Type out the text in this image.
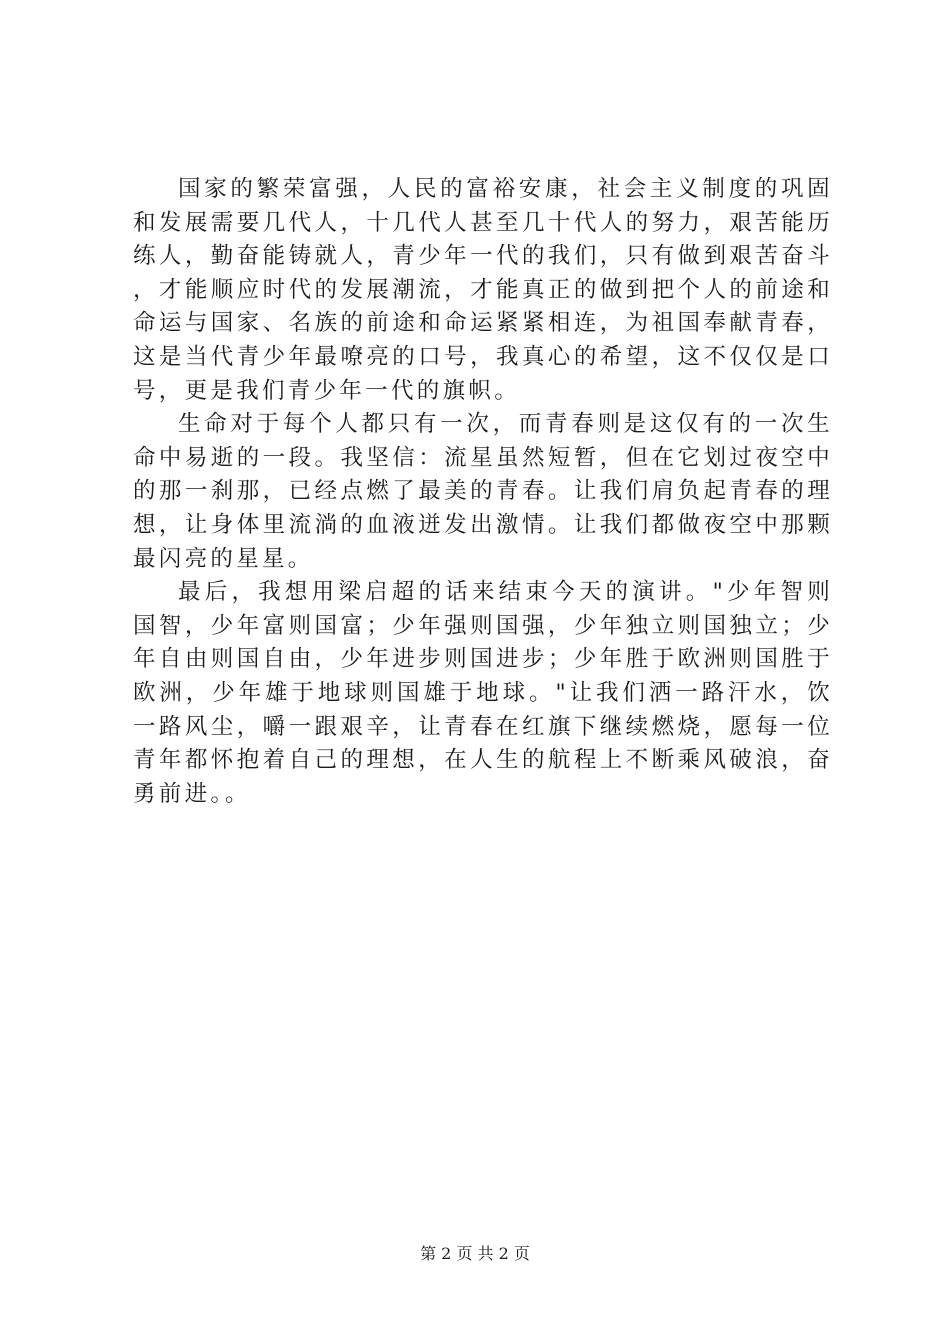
国家的繁荣富强，人民的富裕安康，社会主义制度的巩固和发展需要几代人，十几代人甚至几十代人的努力，艰苦能历练人，勤奋能铸就人，青少年一代的我们，只有做到艰苦奋斗，才能顺应时代的发展潮流，才能真正的做到把个人的前途和命运与国家、名族的前途和命运紧紧相连，为祖国奉献青春，这是当代青少年最嘹亮的口号，我真心的希望，这不仅仅是口号，更是我们青少年一代的旗帜。

生命对于每个人都只有一次，而青春则是这仅有的一次生命中易逝的一段。我坚信：流星虽然短暂，但在它划过夜空中的那一刹那，已经点燃了最美的青春。让我们肩负起青春的理想，让身体里流淌的血液迸发出激情。让我们都做夜空中那颗最闪亮的星星。

最后，我想用梁启超的话来结束今天的演讲。"少年智则国智，少年富则国富；少年强则国强，少年独立则国独立；少年自由则国自由，少年进步则国进步；少年胜于欧洲则国胜于欧洲，少年雄于地球则国雄于地球。"让我们洒一路汗水，饮一路风尘，嚼一跟艰辛，让青春在红旗下继续燃烧，愿每一位青年都怀抱着自己的理想，在人生的航程上不断乘风破浪，奋勇前进。。

第 2 页 共 2 页
